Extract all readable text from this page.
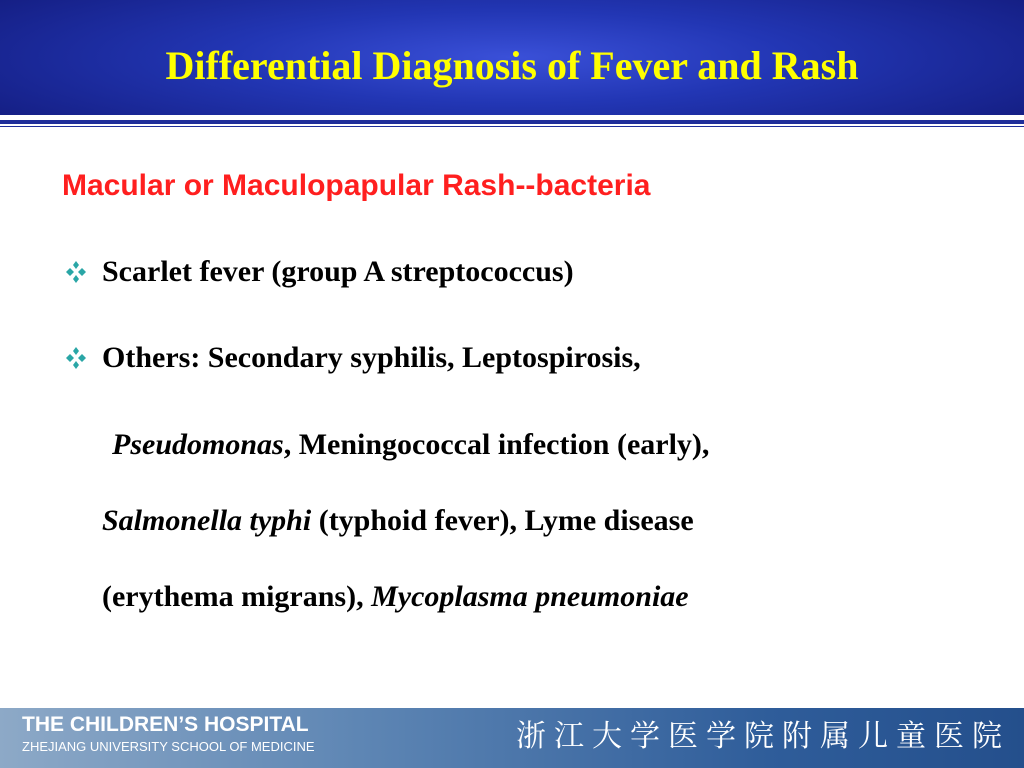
Differential Diagnosis of Fever and Rash
Macular or Maculopapular Rash--bacteria
Scarlet fever (group A streptococcus)
Others: Secondary syphilis, Leptospirosis,
Pseudomonas, Meningococcal infection (early),
Salmonella typhi (typhoid fever), Lyme disease
(erythema migrans), Mycoplasma pneumoniae
THE CHILDREN’S HOSPITAL
ZHEJIANG UNIVERSITY SCHOOL OF MEDICINE	浙江大学医学院附属儿童医院
